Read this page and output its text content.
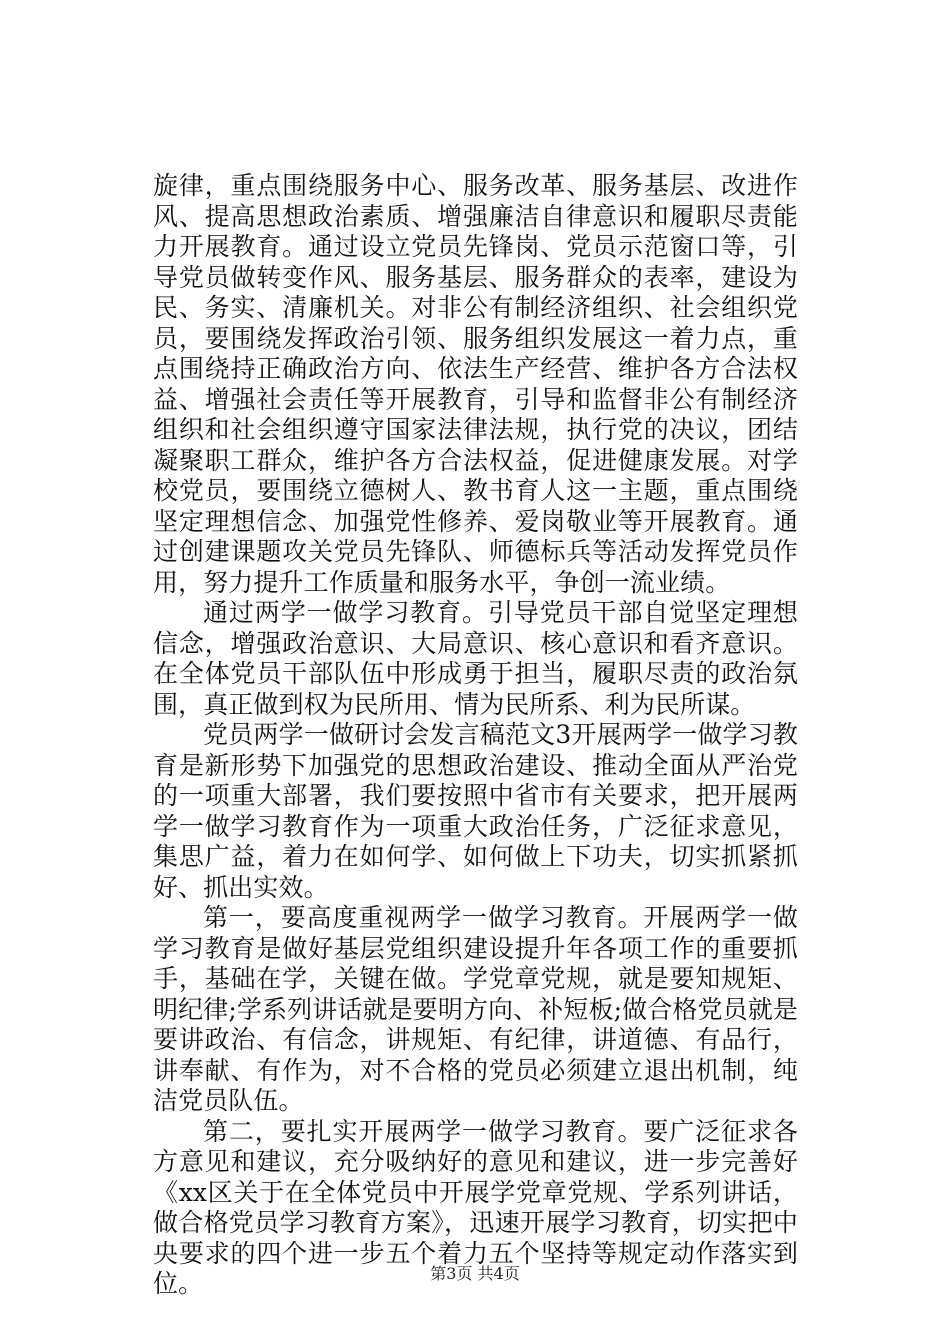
旋律，重点围绕服务中心、服务改革、服务基层、改进作风、提高思想政治素质、增强廉洁自律意识和履职尽责能力开展教育。通过设立党员先锋岗、党员示范窗口等，引导党员做转变作风、服务基层、服务群众的表率，建设为民、务实、清廉机关。对非公有制经济组织、社会组织党员，要围绕发挥政治引领、服务组织发展这一着力点，重点围绕持正确政治方向、依法生产经营、维护各方合法权益、增强社会责任等开展教育，引导和监督非公有制经济组织和社会组织遵守国家法律法规，执行党的决议，团结凝聚职工群众，维护各方合法权益，促进健康发展。对学校党员，要围绕立德树人、教书育人这一主题，重点围绕坚定理想信念、加强党性修养、爱岗敬业等开展教育。通过创建课题攻关党员先锋队、师德标兵等活动发挥党员作用，努力提升工作质量和服务水平，争创一流业绩。

通过两学一做学习教育。引导党员干部自觉坚定理想信念，增强政治意识、大局意识、核心意识和看齐意识。在全体党员干部队伍中形成勇于担当，履职尽责的政治氛围，真正做到权为民所用、情为民所系、利为民所谋。

党员两学一做研讨会发言稿范文3开展两学一做学习教育是新形势下加强党的思想政治建设、推动全面从严治党的一项重大部署，我们要按照中省市有关要求，把开展两学一做学习教育作为一项重大政治任务，广泛征求意见，集思广益，着力在如何学、如何做上下功夫，切实抓紧抓好、抓出实效。

第一，要高度重视两学一做学习教育。开展两学一做学习教育是做好基层党组织建设提升年各项工作的重要抓手，基础在学，关键在做。学党章党规，就是要知规矩、明纪律;学系列讲话就是要明方向、补短板;做合格党员就是要讲政治、有信念，讲规矩、有纪律，讲道德、有品行，讲奉献、有作为，对不合格的党员必须建立退出机制，纯洁党员队伍。

第二，要扎实开展两学一做学习教育。要广泛征求各方意见和建议，充分吸纳好的意见和建议，进一步完善好《xx区关于在全体党员中开展学党章党规、学系列讲话，做合格党员学习教育方案》，迅速开展学习教育，切实把中央要求的四个进一步五个着力五个坚持等规定动作落实到位。	第3页 共4页
